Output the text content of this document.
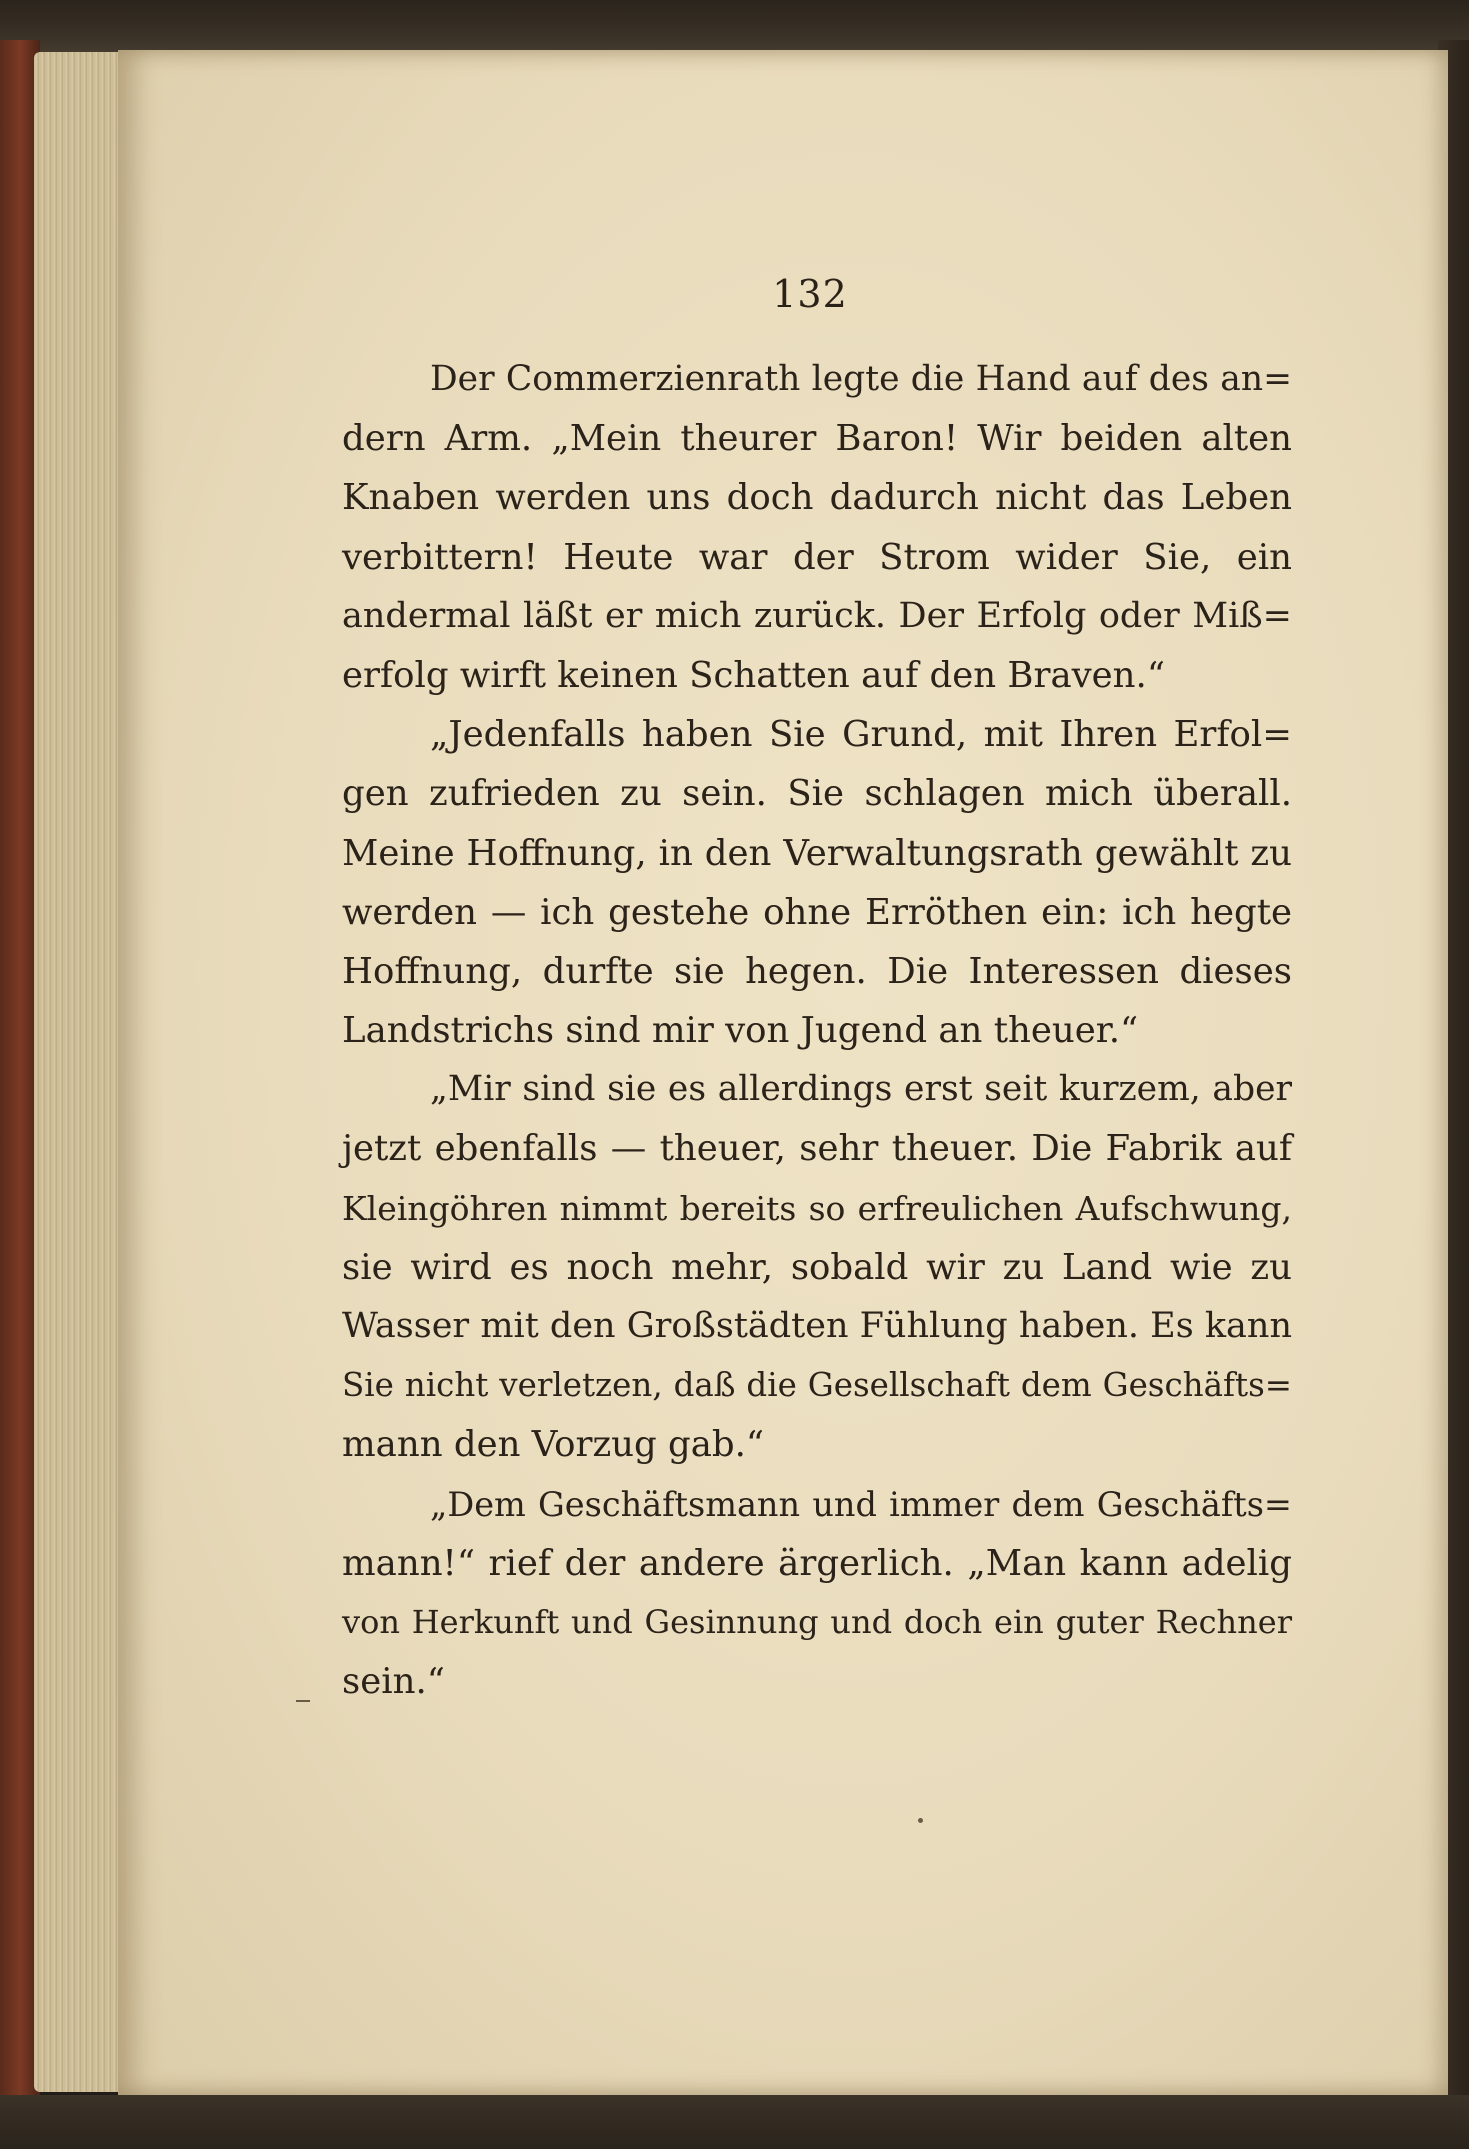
132
Der Commerzienrath legte die Hand auf des an=
dern Arm. „Mein theurer Baron! Wir beiden alten
Knaben werden uns doch dadurch nicht das Leben
verbittern! Heute war der Strom wider Sie, ein
andermal läßt er mich zurück. Der Erfolg oder Miß=
erfolg wirft keinen Schatten auf den Braven.“
„Jedenfalls haben Sie Grund, mit Ihren Erfol=
gen zufrieden zu sein. Sie schlagen mich überall.
Meine Hoffnung, in den Verwaltungsrath gewählt zu
werden — ich gestehe ohne Erröthen ein: ich hegte
Hoffnung, durfte sie hegen. Die Interessen dieses
Landstrichs sind mir von Jugend an theuer.“
„Mir sind sie es allerdings erst seit kurzem, aber
jetzt ebenfalls — theuer, sehr theuer. Die Fabrik auf
Kleingöhren nimmt bereits so erfreulichen Aufschwung,
sie wird es noch mehr, sobald wir zu Land wie zu
Wasser mit den Großstädten Fühlung haben. Es kann
Sie nicht verletzen, daß die Gesellschaft dem Geschäfts=
mann den Vorzug gab.“
„Dem Geschäftsmann und immer dem Geschäfts=
mann!“ rief der andere ärgerlich. „Man kann adelig
von Herkunft und Gesinnung und doch ein guter Rechner
sein.“
